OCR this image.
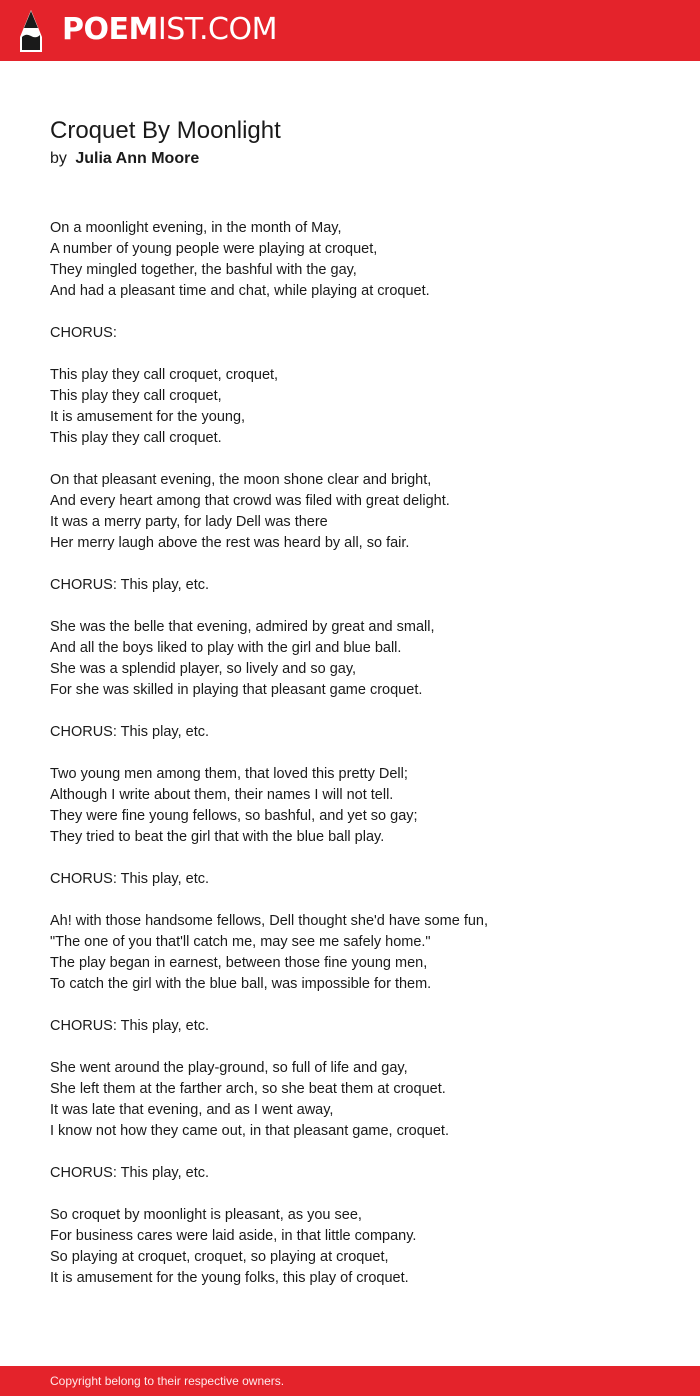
POEMIST.COM
Croquet By Moonlight
by Julia Ann Moore
On a moonlight evening, in the month of May,
A number of young people were playing at croquet,
They mingled together, the bashful with the gay,
And had a pleasant time and chat, while playing at croquet.
CHORUS:
This play they call croquet, croquet,
This play they call croquet,
It is amusement for the young,
This play they call croquet.
On that pleasant evening, the moon shone clear and bright,
And every heart among that crowd was filed with great delight.
It was a merry party, for lady Dell was there
Her merry laugh above the rest was heard by all, so fair.
CHORUS: This play, etc.
She was the belle that evening, admired by great and small,
And all the boys liked to play with the girl and blue ball.
She was a splendid player, so lively and so gay,
For she was skilled in playing that pleasant game croquet.
CHORUS: This play, etc.
Two young men among them, that loved this pretty Dell;
Although I write about them, their names I will not tell.
They were fine young fellows, so bashful, and yet so gay;
They tried to beat the girl that with the blue ball play.
CHORUS: This play, etc.
Ah! with those handsome fellows, Dell thought she'd have some fun,
"The one of you that'll catch me, may see me safely home."
The play began in earnest, between those fine young men,
To catch the girl with the blue ball, was impossible for them.
CHORUS: This play, etc.
She went around the play-ground, so full of life and gay,
She left them at the farther arch, so she beat them at croquet.
It was late that evening, and as I went away,
I know not how they came out, in that pleasant game, croquet.
CHORUS: This play, etc.
So croquet by moonlight is pleasant, as you see,
For business cares were laid aside, in that little company.
So playing at croquet, croquet, so playing at croquet,
It is amusement for the young folks, this play of croquet.
Copyright belong to their respective owners.
